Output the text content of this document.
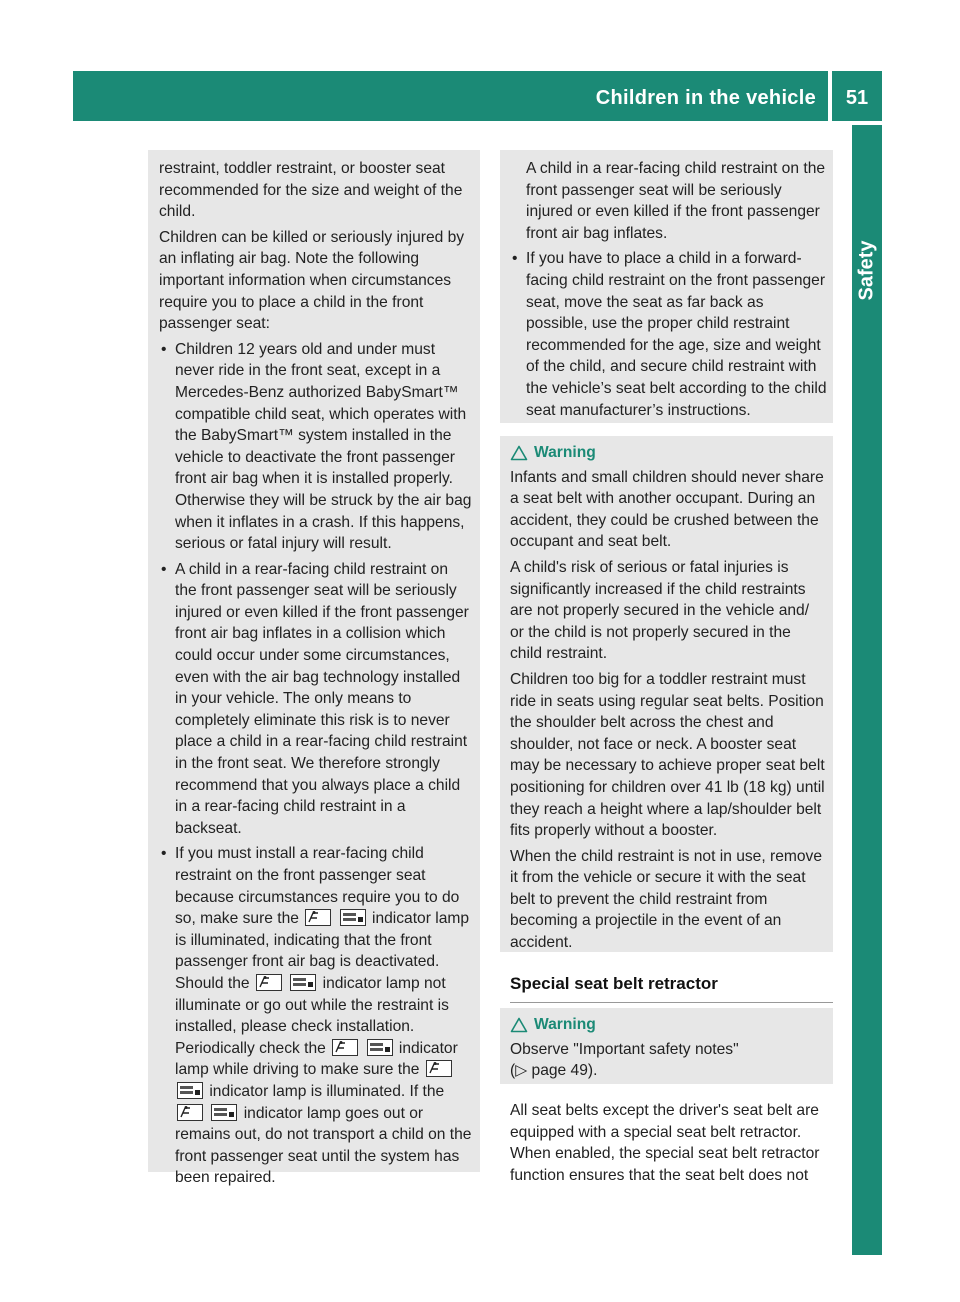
Children in the vehicle	51
Safety

restraint, toddler restraint, or booster seat recommended for the size and weight of the child.

Children can be killed or seriously injured by an inflating air bag. Note the following important information when circumstances require you to place a child in the front passenger seat:

• Children 12 years old and under must never ride in the front seat, except in a Mercedes-Benz authorized BabySmart™ compatible child seat, which operates with the BabySmart™ system installed in the vehicle to deactivate the front passenger front air bag when it is installed properly. Otherwise they will be struck by the air bag when it inflates in a crash. If this happens, serious or fatal injury will result.
• A child in a rear-facing child restraint on the front passenger seat will be seriously injured or even killed if the front passenger front air bag inflates in a collision which could occur under some circumstances, even with the air bag technology installed in your vehicle. The only means to completely eliminate this risk is to never place a child in a rear-facing child restraint in the front seat. We therefore strongly recommend that you always place a child in a rear-facing child restraint in a backseat.
• If you must install a rear-facing child restraint on the front passenger seat because circumstances require you to do so, make sure the
	indicator lamp is illuminated, indicating that the front passenger front air bag is deactivated. Should the
	indicator lamp not illuminate or go out while the restraint is installed, please check installation. Periodically check the
	indicator lamp while driving to make sure the

indicator lamp is illuminated. If the

indicator lamp goes out or remains out, do not transport a child on the front passenger seat until the system has been repaired.

A child in a rear-facing child restraint on the front passenger seat will be seriously injured or even killed if the front passenger front air bag inflates.

• If you have to place a child in a forward-facing child restraint on the front passenger seat, move the seat as far back as possible, use the proper child restraint recommended for the age, size and weight of the child, and secure child restraint with the vehicle’s seat belt according to the child seat manufacturer’s instructions.
Warning

Infants and small children should never share a seat belt with another occupant. During an accident, they could be crushed between the occupant and seat belt.

A child's risk of serious or fatal injuries is significantly increased if the child restraints are not properly secured in the vehicle and/ or the child is not properly secured in the child restraint.

Children too big for a toddler restraint must ride in seats using regular seat belts. Position the shoulder belt across the chest and shoulder, not face or neck. A booster seat may be necessary to achieve proper seat belt positioning for children over 41 lb (18 kg) until they reach a height where a lap/shoulder belt fits properly without a booster.

When the child restraint is not in use, remove it from the vehicle or secure it with the seat belt to prevent the child restraint from becoming a projectile in the event of an accident.

Special seat belt retractor
Warning

Observe "Important safety notes"

(▷ page 49).

All seat belts except the driver's seat belt are equipped with a special seat belt retractor. When enabled, the special seat belt retractor function ensures that the seat belt does not
